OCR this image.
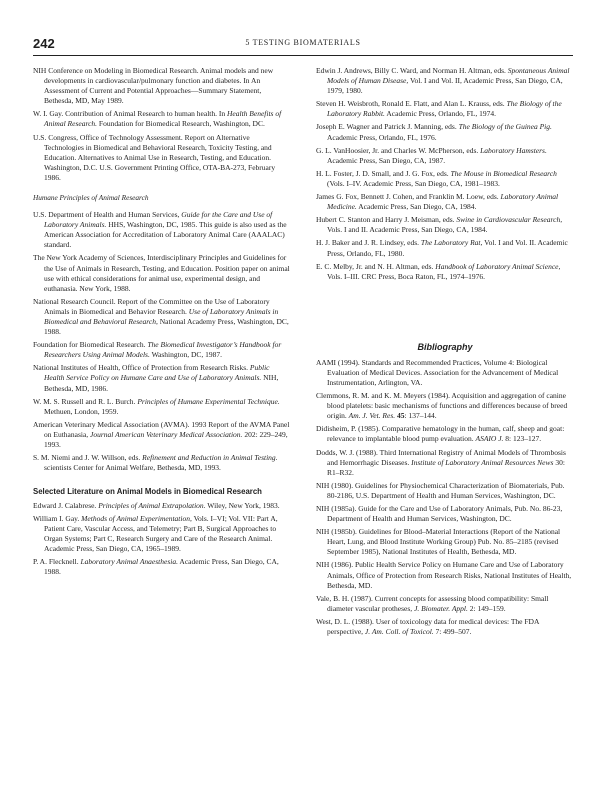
242	5 TESTING BIOMATERIALS

NIH Conference on Modeling in Biomedical Research. Animal models and new developments in cardiovascular/pulmonary function and diabetes. In An Assessment of Current and Potential Approaches—Summary Statement, Bethesda, MD, May 1989.

W. I. Gay. Contribution of Animal Research to human health. In Health Benefits of Animal Research. Foundation for Biomedical Research, Washington, DC.

U.S. Congress, Office of Technology Assessment. Report on Alternative Technologies in Biomedical and Behavioral Research, Toxicity Testing, and Education. Alternatives to Animal Use in Research, Testing, and Education. Washington, D.C. U.S. Government Printing Office, OTA-BA-273, February 1986.

Humane Principles of Animal Research

U.S. Department of Health and Human Services, Guide for the Care and Use of Laboratory Animals. HHS, Washington, DC, 1985. This guide is also used as the American Association for Accreditation of Laboratory Animal Care (AAALAC) standard.

The New York Academy of Sciences, Interdisciplinary Principles and Guidelines for the Use of Animals in Research, Testing, and Education. Position paper on animal use with ethical considerations for animal use, experimental design, and euthanasia. New York, 1988.

National Research Council. Report of the Committee on the Use of Laboratory Animals in Biomedical and Behavior Research. Use of Laboratory Animals in Biomedical and Behavioral Research, National Academy Press, Washington, DC, 1988.

Foundation for Biomedical Research. The Biomedical Investigator’s Handbook for Researchers Using Animal Models. Washington, DC, 1987.

National Institutes of Health, Office of Protection from Research Risks. Public Health Service Policy on Humane Care and Use of Laboratory Animals. NIH, Bethesda, MD, 1986.

W. M. S. Russell and R. L. Burch. Principles of Humane Experimental Technique. Methuen, London, 1959.

American Veterinary Medical Association (AVMA). 1993 Report of the AVMA Panel on Euthanasia, Journal American Veterinary Medical Association. 202: 229–249, 1993.

S. M. Niemi and J. W. Willson, eds. Refinement and Reduction in Animal Testing. scientists Center for Animal Welfare, Bethesda, MD, 1993.

Selected Literature on Animal Models in Biomedical Research

Edward J. Calabrese. Principles of Animal Extrapolation. Wiley, New York, 1983.

William I. Gay. Methods of Animal Experimentation, Vols. I–VI; Vol. VII: Part A, Patient Care, Vascular Access, and Telemetry; Part B, Surgical Approaches to Organ Systems; Part C, Research Surgery and Care of the Research Animal. Academic Press, San Diego, CA, 1965–1989.

P. A. Flecknell. Laboratory Animal Anaesthesia. Academic Press, San Diego, CA, 1988.

Edwin J. Andrews, Billy C. Ward, and Norman H. Altman, eds. Spontaneous Animal Models of Human Disease, Vol. I and Vol. II, Academic Press, San Diego, CA, 1979, 1980.

Steven H. Weisbroth, Ronald E. Flatt, and Alan L. Krauss, eds. The Biology of the Laboratory Rabbit. Academic Press, Orlando, FL, 1974.

Joseph E. Wagner and Patrick J. Manning, eds. The Biology of the Guinea Pig. Academic Press, Orlando, FL, 1976.

G. L. VanHoosier, Jr. and Charles W. McPherson, eds. Laboratory Hamsters. Academic Press, San Diego, CA, 1987.

H. L. Foster, J. D. Small, and J. G. Fox, eds. The Mouse in Biomedical Research (Vols. I–IV. Academic Press, San Diego, CA, 1981–1983.

James G. Fox, Bennett J. Cohen, and Franklin M. Loew, eds. Laboratory Animal Medicine. Academic Press, San Diego, CA, 1984.

Hubert C. Stanton and Harry J. Meisman, eds. Swine in Cardiovascular Research, Vols. I and II. Academic Press, San Diego, CA, 1984.

H. J. Baker and J. R. Lindsey, eds. The Laboratory Rat, Vol. I and Vol. II. Academic Press, Orlando, FL, 1980.

E. C. Melby, Jr. and N. H. Altman, eds. Handbook of Laboratory Animal Science, Vols. I–III. CRC Press, Boca Raton, FL, 1974–1976.

Bibliography

AAMI (1994). Standards and Recommended Practices, Volume 4: Biological Evaluation of Medical Devices. Association for the Advancement of Medical Instrumentation, Arlington, VA.

Clemmons, R. M. and K. M. Meyers (1984). Acquisition and aggregation of canine blood platelets: basic mechanisms of functions and differences because of breed origin. Am. J. Vet. Res. 45: 137–144.

Didisheim, P. (1985). Comparative hematology in the human, calf, sheep and goat: relevance to implantable blood pump evaluation. ASAIO J. 8: 123–127.

Dodds, W. J. (1988). Third International Registry of Animal Models of Thrombosis and Hemorrhagic Diseases. Institute of Laboratory Animal Resources News 30: R1–R32.

NIH (1980). Guidelines for Physiochemical Characterization of Biomaterials, Pub. 80-2186, U.S. Department of Health and Human Services, Washington, DC.

NIH (1985a). Guide for the Care and Use of Laboratory Animals, Pub. No. 86-23, Department of Health and Human Services, Washington, DC.

NIH (1985b). Guidelines for Blood–Material Interactions (Report of the National Heart, Lung, and Blood Institute Working Group) Pub. No. 85–2185 (revised September 1985), National Institutes of Health, Bethesda, MD.

NIH (1986). Public Health Service Policy on Humane Care and Use of Laboratory Animals, Office of Protection from Research Risks, National Institutes of Health, Bethesda, MD.

Vale, B. H. (1987). Current concepts for assessing blood compatibility: Small diameter vascular protheses, J. Biomater. Appl. 2: 149–159.

West, D. L. (1988). User of toxicology data for medical devices: The FDA perspective, J. Am. Coll. of Toxicol. 7: 499–507.
